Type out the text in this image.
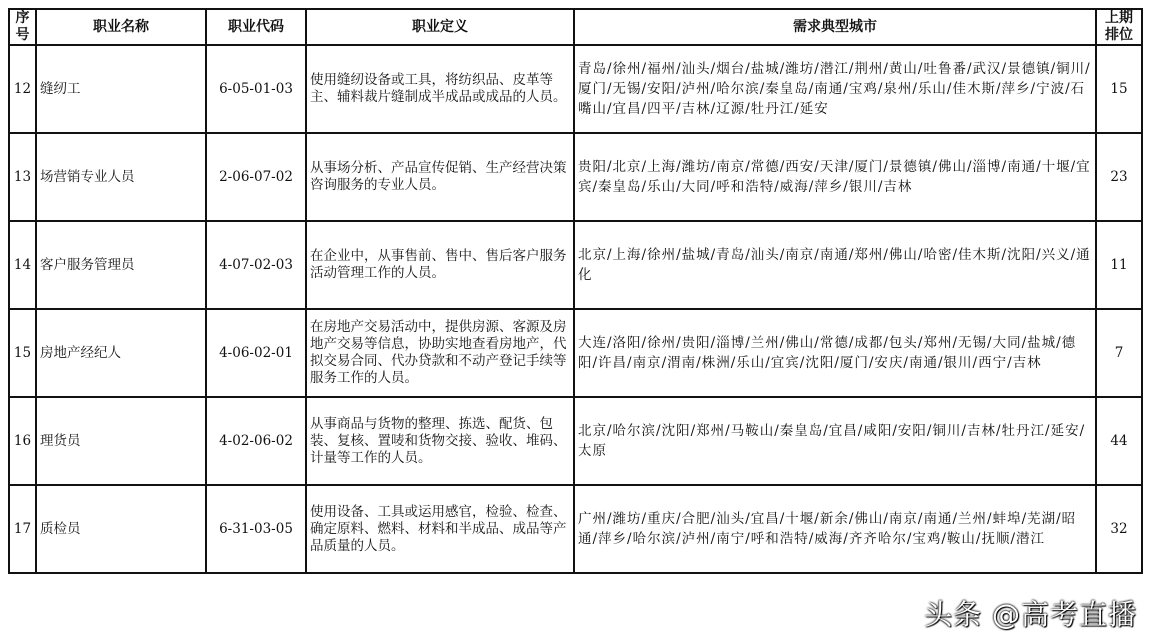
序号	职业名称	职业代码	职业定义	需求典型城市	上期排位
12	缝纫工	6-05-01-03	使用缝纫设备或工具，将纺织品、皮革等主、辅料裁片缝制成半成品或成品的人员。	青岛/徐州/福州/汕头/烟台/盐城/潍坊/潜江/荆州/黄山/吐鲁番/武汉/景德镇/铜川/厦门/无锡/安阳/泸州/哈尔滨/秦皇岛/南通/宝鸡/泉州/乐山/佳木斯/萍乡/宁波/石嘴山/宜昌/四平/吉林/辽源/牡丹江/延安	15
13	场营销专业人员	2-06-07-02	从事场分析、产品宣传促销、生产经营决策咨询服务的专业人员。	贵阳/北京/上海/潍坊/南京/常德/西安/天津/厦门/景德镇/佛山/淄博/南通/十堰/宜宾/秦皇岛/乐山/大同/呼和浩特/威海/萍乡/银川/吉林	23
14	客户服务管理员	4-07-02-03	在企业中，从事售前、售中、售后客户服务活动管理工作的人员。	北京/上海/徐州/盐城/青岛/汕头/南京/南通/郑州/佛山/哈密/佳木斯/沈阳/兴义/通化	11
15	房地产经纪人	4-06-02-01	在房地产交易活动中，提供房源、客源及房地产交易等信息，协助实地查看房地产，代拟交易合同、代办贷款和不动产登记手续等服务工作的人员。	大连/洛阳/徐州/贵阳/淄博/兰州/佛山/常德/成都/包头/郑州/无锡/大同/盐城/德阳/许昌/南京/渭南/株洲/乐山/宜宾/沈阳/厦门/安庆/南通/银川/西宁/吉林	7
16	理货员	4-02-06-02	从事商品与货物的整理、拣选、配货、包装、复核、置唛和货物交接、验收、堆码、计量等工作的人员。	北京/哈尔滨/沈阳/郑州/马鞍山/秦皇岛/宜昌/咸阳/安阳/铜川/吉林/牡丹江/延安/太原	44
17	质检员	6-31-03-05	使用设备、工具或运用感官，检验、检查、确定原料、燃料、材料和半成品、成品等产品质量的人员。	广州/潍坊/重庆/合肥/汕头/宜昌/十堰/新余/佛山/南京/南通/兰州/蚌埠/芜湖/昭通/萍乡/哈尔滨/泸州/南宁/呼和浩特/威海/齐齐哈尔/宝鸡/鞍山/抚顺/潜江	32
头条 @高考直播
